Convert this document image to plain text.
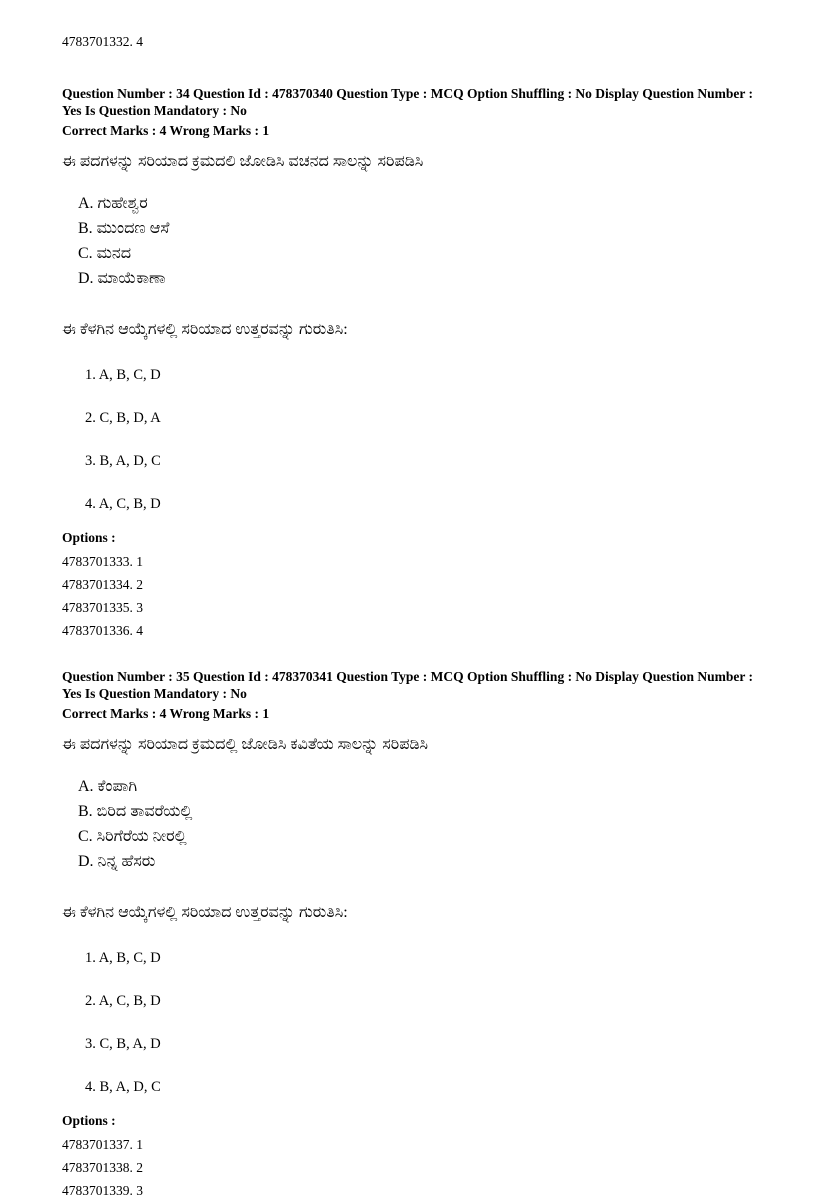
4783701332. 4

Question Number : 34 Question Id : 478370340 Question Type : MCQ Option Shuffling : No Display Question Number : Yes Is Question Mandatory : No

Correct Marks : 4 Wrong Marks : 1

ಈ ಪದಗಳನ್ನು ಸರಿಯಾದ ಕ್ರಮದಲಿ ಜೋಡಿಸಿ ವಚನದ ಸಾಲನ್ನು ಸರಿಪಡಿಸಿ

A. ಗುಹೇಶ್ವರ
B. ಮುಂದಣ ಆಸೆ
C. ಮನದ
D. ಮಾಯೆಕಾಣಾ

ಈ ಕೆಳಗಿನ ಆಯ್ಕೆಗಳಲ್ಲಿ ಸರಿಯಾದ ಉತ್ತರವನ್ನು ಗುರುತಿಸಿ:

1. A, B, C, D
2. C, B, D, A
3. B, A, D, C
4. A, C, B, D

Options :

4783701333. 1
4783701334. 2
4783701335. 3
4783701336. 4

Question Number : 35 Question Id : 478370341 Question Type : MCQ Option Shuffling : No Display Question Number : Yes Is Question Mandatory : No

Correct Marks : 4 Wrong Marks : 1

ಈ ಪದಗಳನ್ನು ಸರಿಯಾದ ಕ್ರಮದಲ್ಲಿ ಜೋಡಿಸಿ ಕವಿತೆಯ ಸಾಲನ್ನು ಸರಿಪಡಿಸಿ

A. ಕೆಂಪಾಗಿ
B. ಬಿರಿದ ತಾವರೆಯಲ್ಲಿ
C. ಸಿರಿಗೆರೆಯ ನೀರಲ್ಲಿ
D. ನಿನ್ನ ಹೆಸರು

ಈ ಕೆಳಗಿನ ಆಯ್ಕೆಗಳಲ್ಲಿ ಸರಿಯಾದ ಉತ್ತರವನ್ನು ಗುರುತಿಸಿ:

1. A, B, C, D
2. A, C, B, D
3. C, B, A, D
4. B, A, D, C

Options :

4783701337. 1
4783701338. 2
4783701339. 3
